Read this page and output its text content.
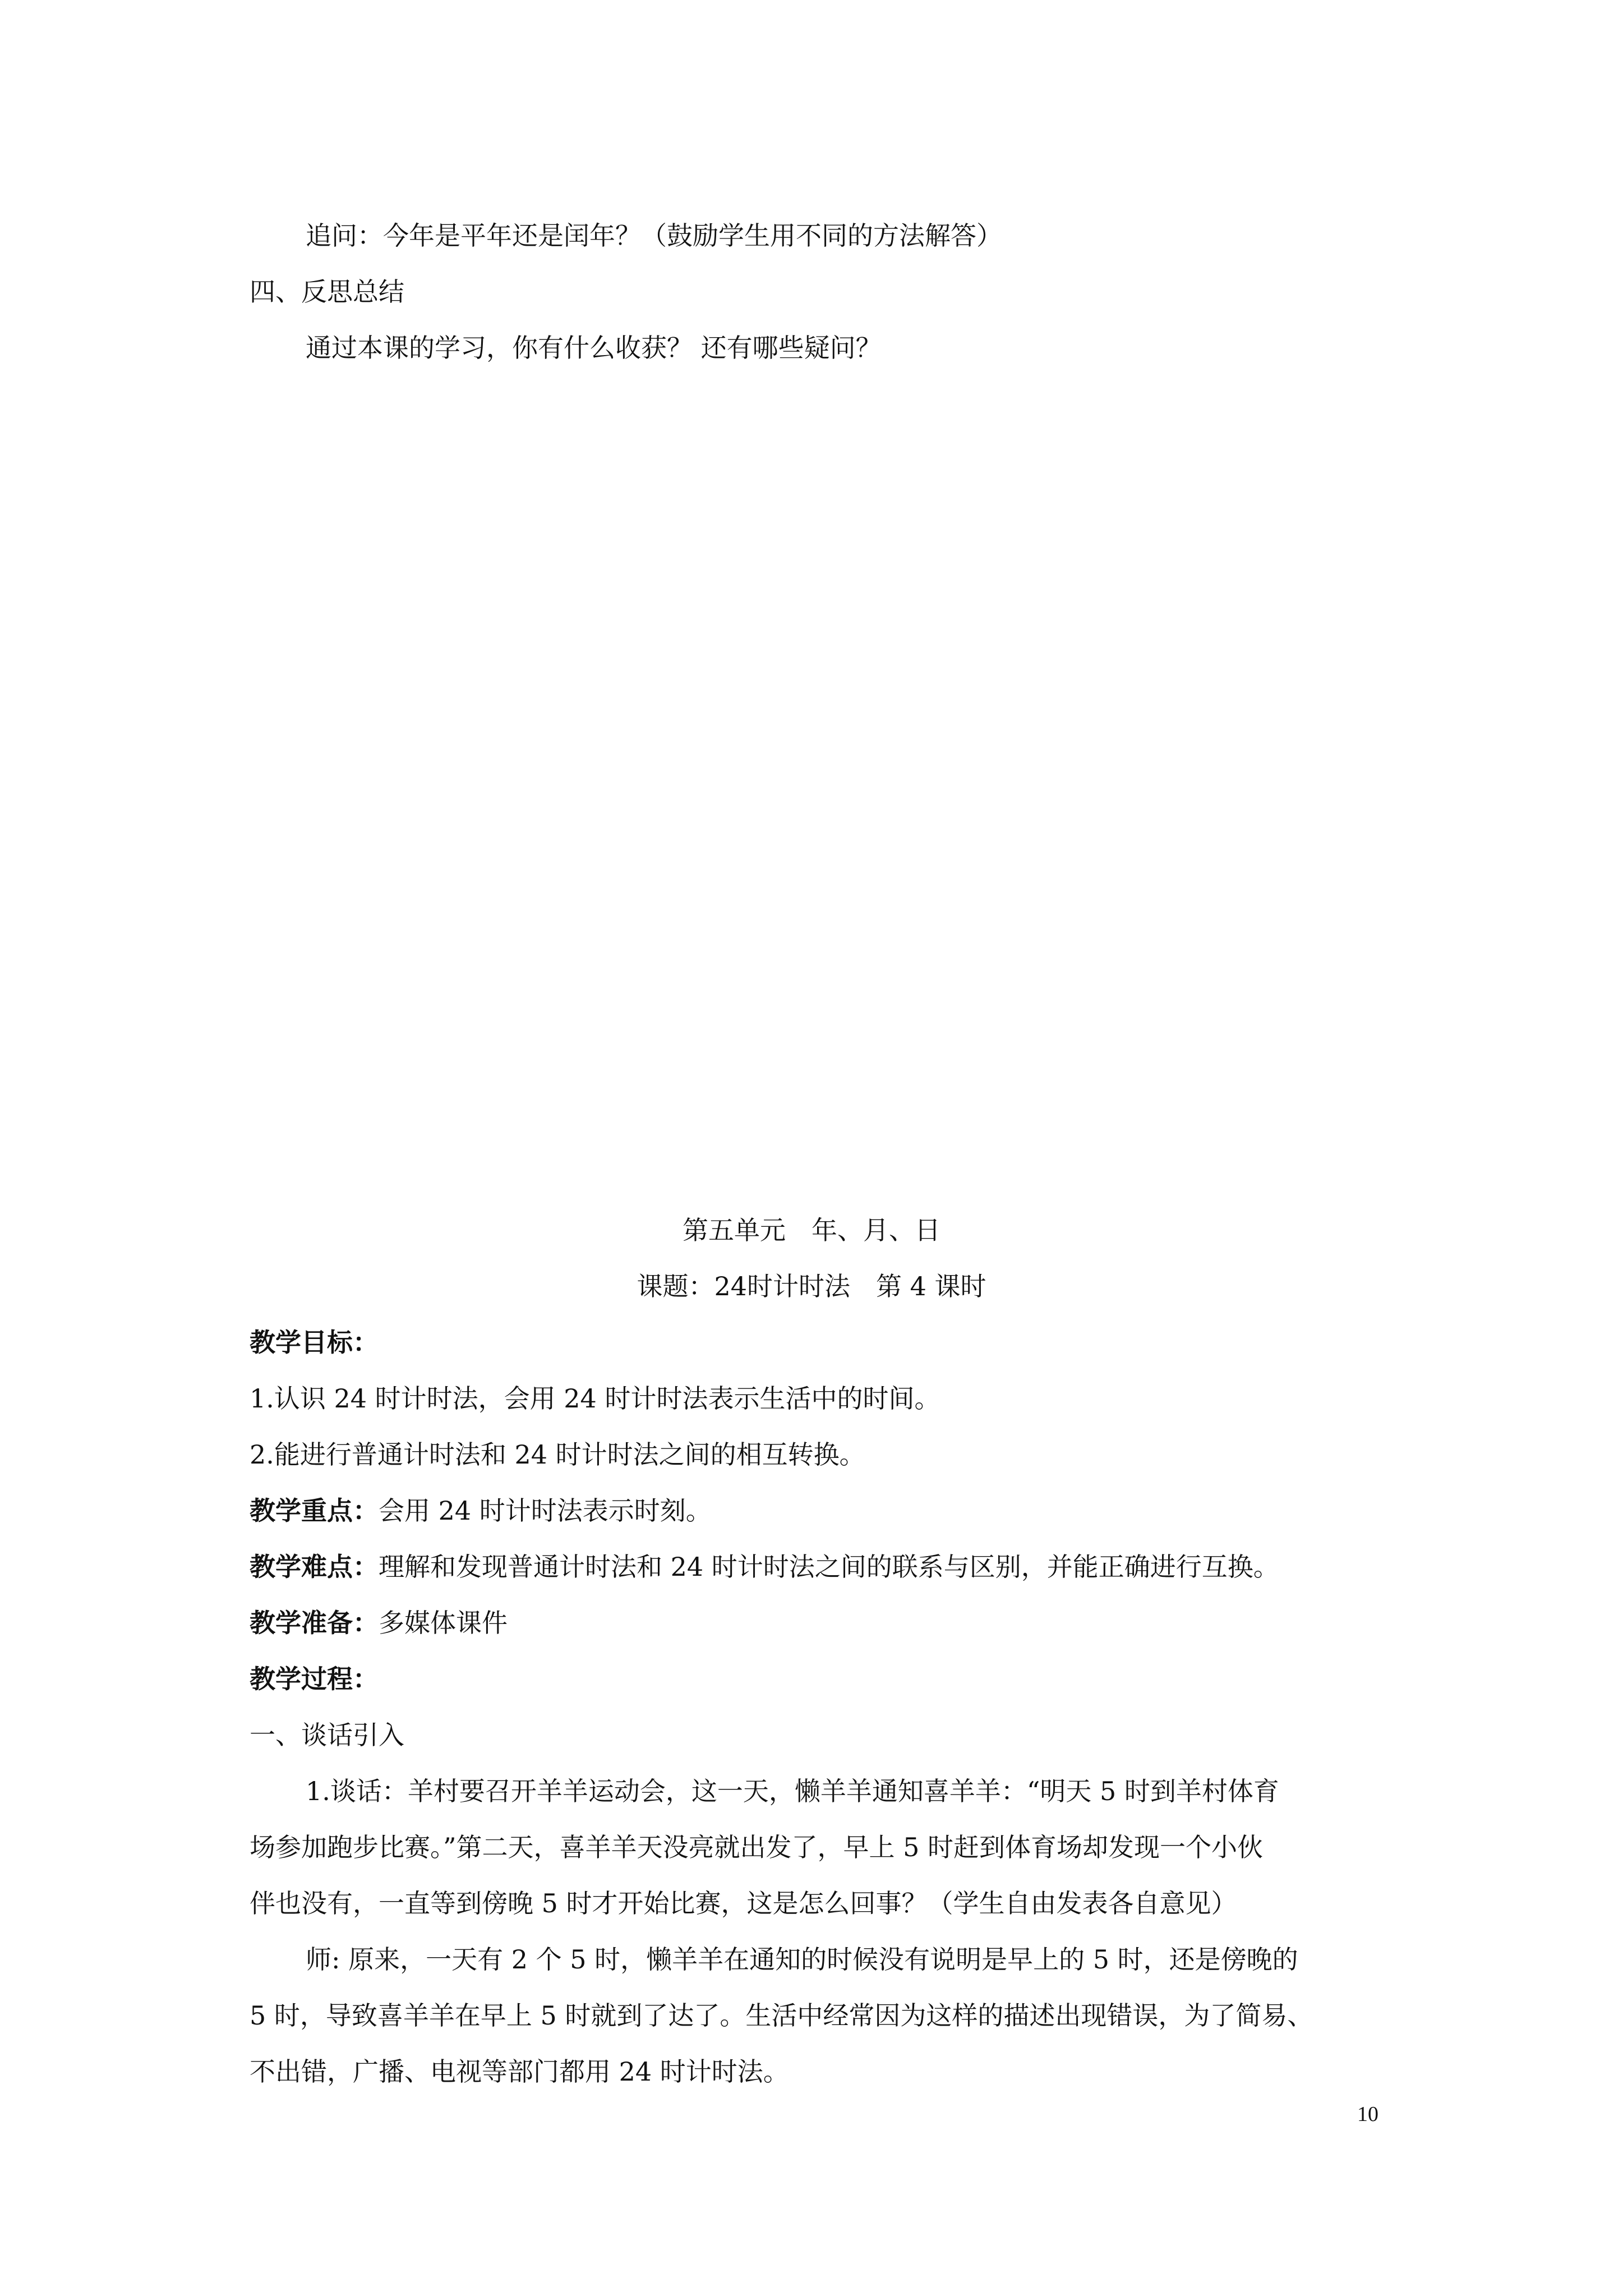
追问：今年是平年还是闰年？（鼓励学生用不同的方法解答）
四、反思总结
通过本课的学习，你有什么收获？ 还有哪些疑问？
第五单元　年、月、日
课题：24时计时法　第 4 课时
教学目标：
1.认识 24 时计时法，会用 24 时计时法表示生活中的时间。
2.能进行普通计时法和 24 时计时法之间的相互转换。
教学重点：会用 24 时计时法表示时刻。
教学难点：理解和发现普通计时法和 24 时计时法之间的联系与区别，并能正确进行互换。
教学准备：多媒体课件
教学过程：
一、谈话引入
1.谈话：羊村要召开羊羊运动会，这一天，懒羊羊通知喜羊羊：“明天 5 时到羊村体育
场参加跑步比赛。”第二天，喜羊羊天没亮就出发了，早上 5 时赶到体育场却发现一个小伙
伴也没有，一直等到傍晚 5 时才开始比赛，这是怎么回事？（学生自由发表各自意见）
师: 原来，一天有 2 个 5 时，懒羊羊在通知的时候没有说明是早上的 5 时，还是傍晚的
5 时，导致喜羊羊在早上 5 时就到了达了。生活中经常因为这样的描述出现错误，为了简易、
不出错，广播、电视等部门都用 24 时计时法。
10
